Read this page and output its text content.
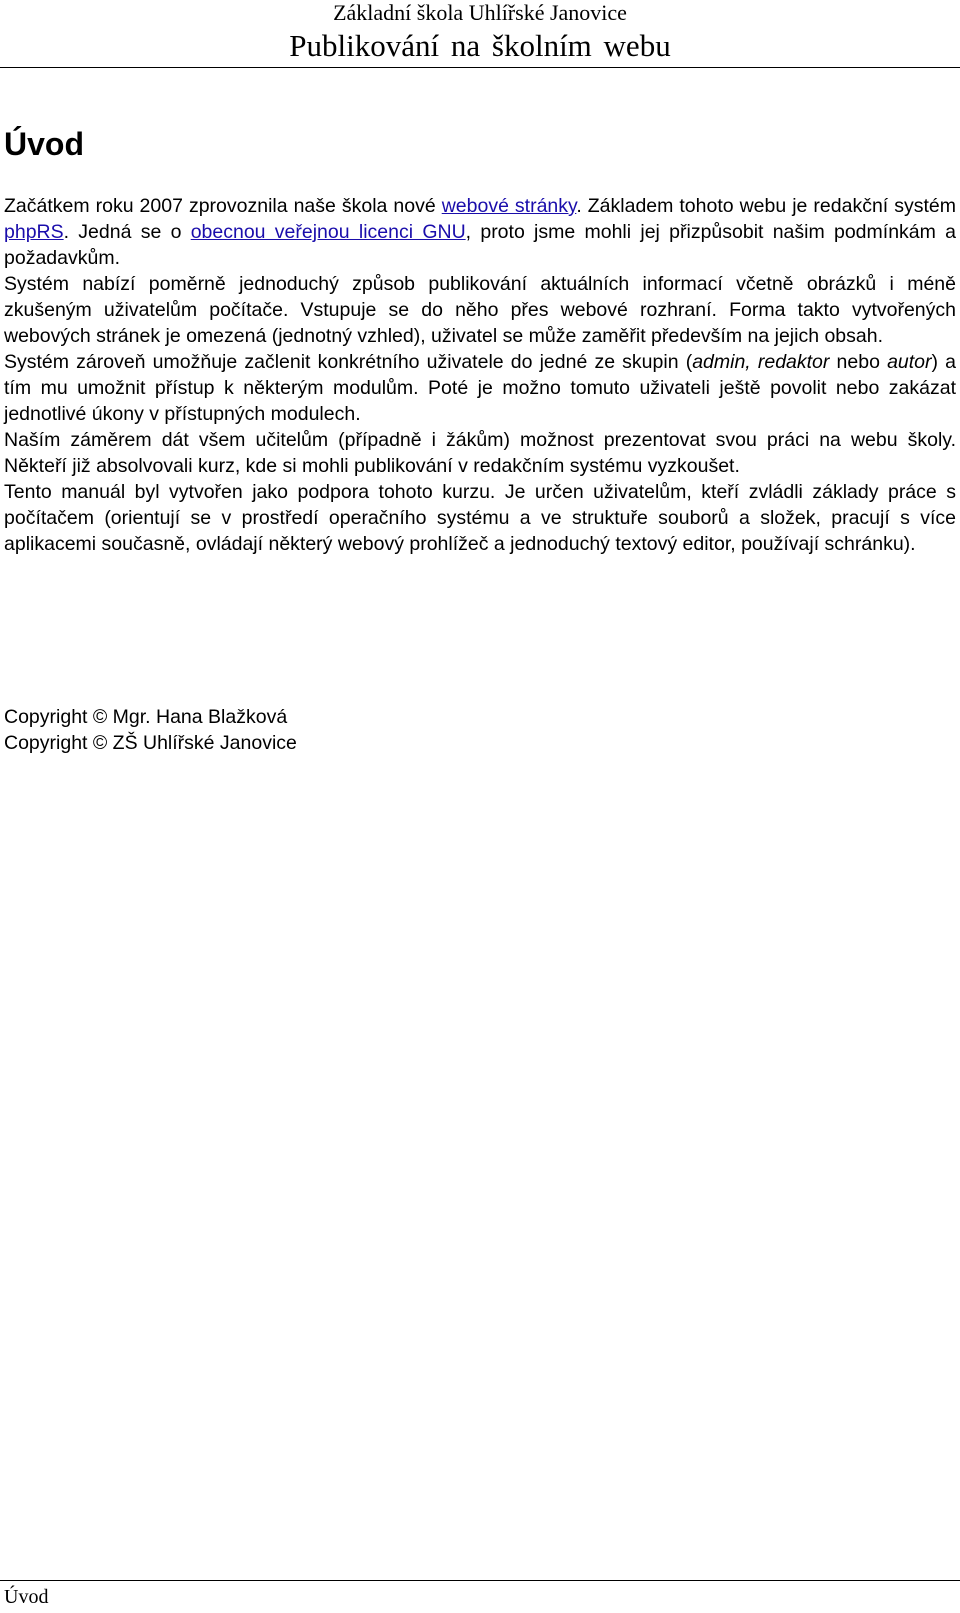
Základní škola Uhlířské Janovice
Publikování na školním webu
Úvod

Začátkem roku 2007 zprovoznila naše škola nové webové stránky. Základem tohoto webu je redakční systém phpRS. Jedná se o obecnou veřejnou licenci GNU, proto jsme mohli jej přizpůsobit našim podmínkám a požadavkům.

Systém nabízí poměrně jednoduchý způsob publikování aktuálních informací včetně obrázků i méně zkušeným uživatelům počítače. Vstupuje se do něho přes webové rozhraní. Forma takto vytvořených webových stránek je omezená (jednotný vzhled), uživatel se může zaměřit především na jejich obsah.

Systém zároveň umožňuje začlenit konkrétního uživatele do jedné ze skupin (admin, redaktor nebo autor) a tím mu umožnit přístup k některým modulům. Poté je možno tomuto uživateli ještě povolit nebo zakázat jednotlivé úkony v přístupných modulech.

Naším záměrem dát všem učitelům (případně i žákům) možnost prezentovat svou práci na webu školy. Někteří již absolvovali kurz, kde si mohli publikování v redakčním systému vyzkoušet.

Tento manuál byl vytvořen jako podpora tohoto kurzu. Je určen uživatelům, kteří zvládli základy práce s počítačem (orientují se v prostředí operačního systému a ve struktuře souborů a složek, pracují s více aplikacemi současně, ovládají některý webový prohlížeč a jednoduchý textový editor, používají schránku).

Copyright © Mgr. Hana Blažková
Copyright © ZŠ Uhlířské Janovice
Úvod
